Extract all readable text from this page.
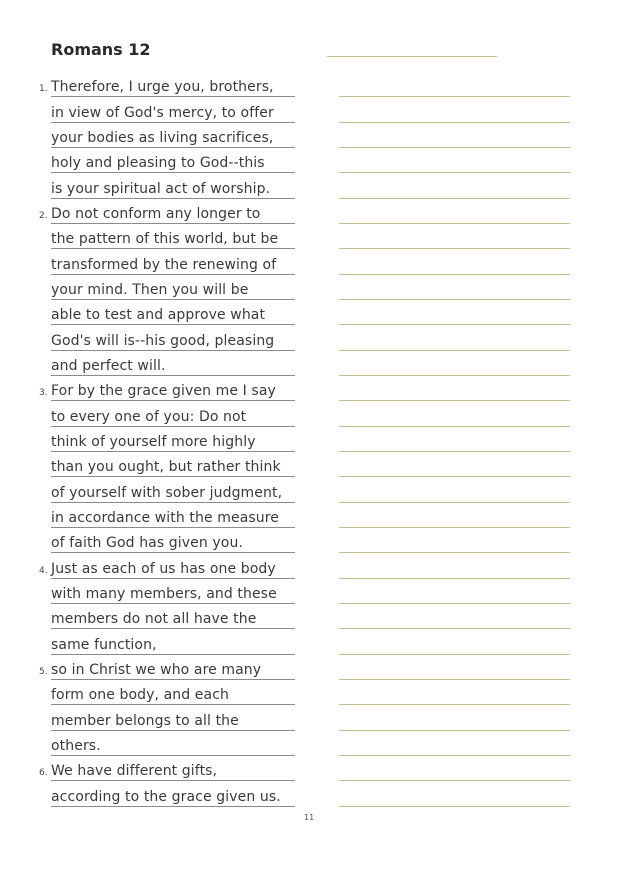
Romans 12
1. Therefore, I urge you, brothers,
in view of God's mercy, to offer
your bodies as living sacrifices,
holy and pleasing to God--this
is your spiritual act of worship.
2. Do not conform any longer to
the pattern of this world, but be
transformed by the renewing of
your mind. Then you will be
able to test and approve what
God's will is--his good, pleasing
and perfect will.
3. For by the grace given me I say
to every one of you: Do not
think of yourself more highly
than you ought, but rather think
of yourself with sober judgment,
in accordance with the measure
of faith God has given you.
4. Just as each of us has one body
with many members, and these
members do not all have the
same function,
5. so in Christ we who are many
form one body, and each
member belongs to all the
others.
6. We have different gifts,
according to the grace given us.
11
